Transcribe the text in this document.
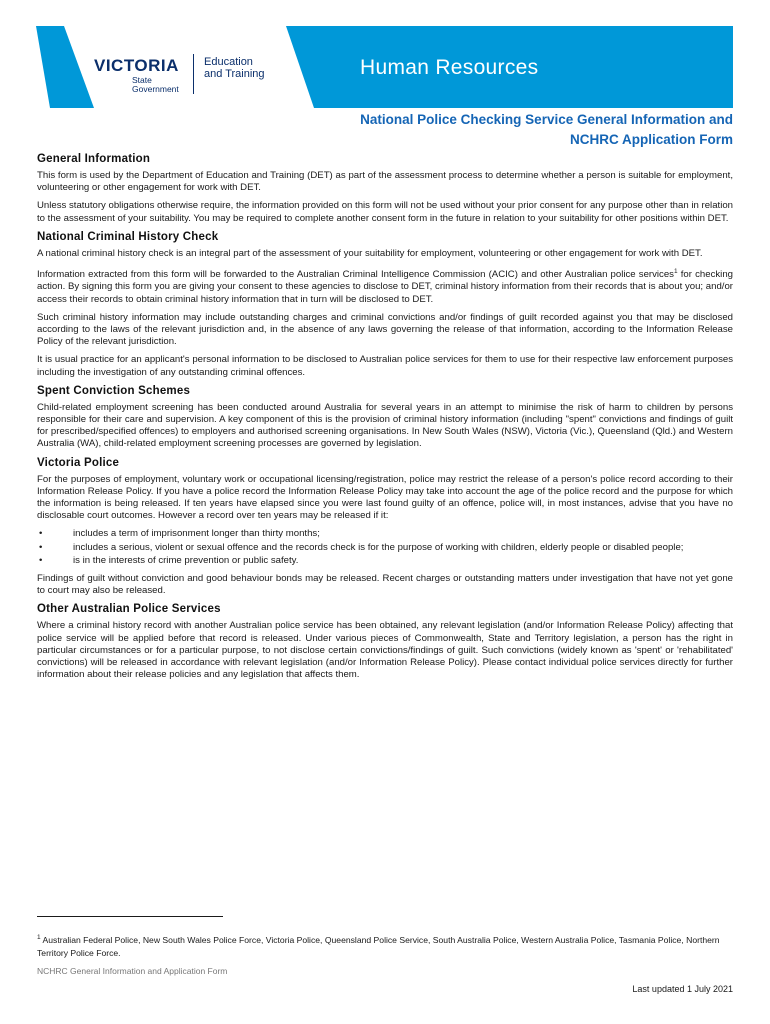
VICTORIA
State
Government
Education
and Training	Human Resources
National Police Checking Service General Information and
NCHRC Application Form
General Information

This form is used by the Department of Education and Training (DET) as part of the assessment process to determine whether a person is suitable for employment, volunteering or other engagement for work with DET.

Unless statutory obligations otherwise require, the information provided on this form will not be used without your prior consent for any purpose other than in relation to the assessment of your suitability. You may be required to complete another consent form in the future in relation to your suitability for other positions within DET.

National Criminal History Check

A national criminal history check is an integral part of the assessment of your suitability for employment, volunteering or other engagement for work with DET.

Information extracted from this form will be forwarded to the Australian Criminal Intelligence Commission (ACIC) and other Australian police services$^1$ for checking action. By signing this form you are giving your consent to these agencies to disclose to DET, criminal history information from their records that is about you; and/or access their records to obtain criminal history information that in turn will be disclosed to DET.

Such criminal history information may include outstanding charges and criminal convictions and/or findings of guilt recorded against you that may be disclosed according to the laws of the relevant jurisdiction and, in the absence of any laws governing the release of that information, according to the Information Release Policy of the relevant jurisdiction.

It is usual practice for an applicant's personal information to be disclosed to Australian police services for them to use for their respective law enforcement purposes including the investigation of any outstanding criminal offences.

Spent Conviction Schemes

Child-related employment screening has been conducted around Australia for several years in an attempt to minimise the risk of harm to children by persons responsible for their care and supervision. A key component of this is the provision of criminal history information (including "spent" convictions and findings of guilt for prescribed/specified offences) to employers and authorised screening organisations. In New South Wales (NSW), Victoria (Vic.), Queensland (Qld.) and Western Australia (WA), child-related employment screening processes are governed by legislation.

Victoria Police

For the purposes of employment, voluntary work or occupational licensing/registration, police may restrict the release of a person's police record according to their Information Release Policy. If you have a police record the Information Release Policy may take into account the age of the police record and the purpose for which the information is being released. If ten years have elapsed since you were last found guilty of an offence, police will, in most instances, advise that you have no disclosable court outcomes. However a record over ten years may be released if it:

•	includes a term of imprisonment longer than thirty months;
•	includes a serious, violent or sexual offence and the records check is for the purpose of working with children, elderly people or disabled people;
•	is in the interests of crime prevention or public safety.

Findings of guilt without conviction and good behaviour bonds may be released. Recent charges or outstanding matters under investigation that have not yet gone to court may also be released.

Other Australian Police Services

Where a criminal history record with another Australian police service has been obtained, any relevant legislation (and/or Information Release Policy) affecting that police service will be applied before that record is released. Under various pieces of Commonwealth, State and Territory legislation, a person has the right in particular circumstances or for a particular purpose, to not disclose certain convictions/findings of guilt. Such convictions (widely known as 'spent' or 'rehabilitated' convictions) will be released in accordance with relevant legislation (and/or Information Release Policy). Please contact individual police services directly for further information about their release policies and any legislation that affects them.

$^1$ Australian Federal Police, New South Wales Police Force, Victoria Police, Queensland Police Service, South Australia Police, Western Australia Police, Tasmania Police, Northern Territory Police Force.
NCHRC General Information and Application Form
Last updated 1 July 2021
